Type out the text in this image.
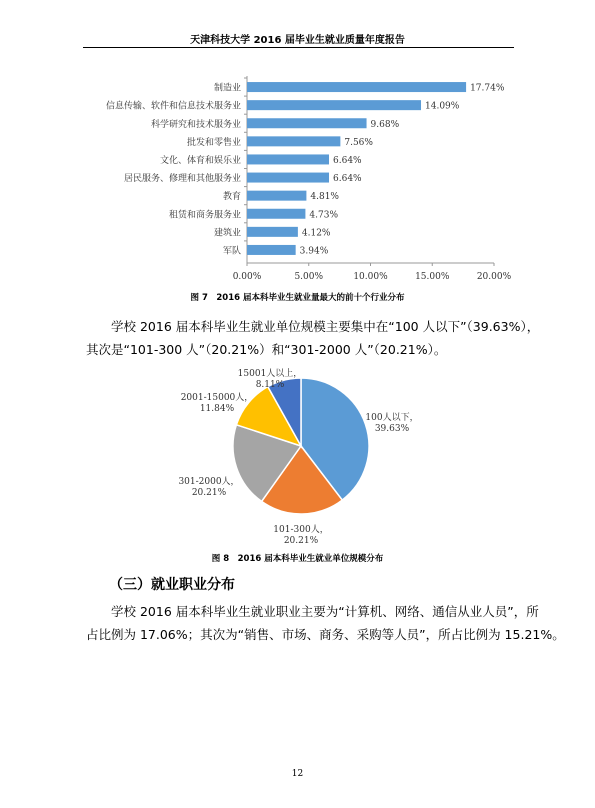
天津科技大学 2016 届毕业生就业质量年度报告
制造业	17.74%
信息传输、软件和信息技术服务业	14.09%
科学研究和技术服务业	9.68%
批发和零售业	7.56%
文化、体育和娱乐业	6.64%
居民服务、修理和其他服务业	6.64%
教育	4.81%
租赁和商务服务业	4.73%
建筑业	4.12%
军队	3.94%
0.00%	5.00%	10.00%	15.00%	20.00%
图 7　2016 届本科毕业生就业量最大的前十个行业分布
学校 2016 届本科毕业生就业单位规模主要集中在“100 人以下”（39.63%），
其次是“101-300 人”（20.21%）和“301-2000 人”（20.21%）。
100人以下，
39.63%
101-300人，
20.21%
301-2000人，
20.21%
2001-15000人，
11.84%
15001人以上，
8.11%
图 8　2016 届本科毕业生就业单位规模分布
（三）就业职业分布
学校 2016 届本科毕业生就业职业主要为“计算机、网络、通信从业人员”，所
占比例为 17.06%；其次为“销售、市场、商务、采购等人员”，所占比例为 15.21%。
12
